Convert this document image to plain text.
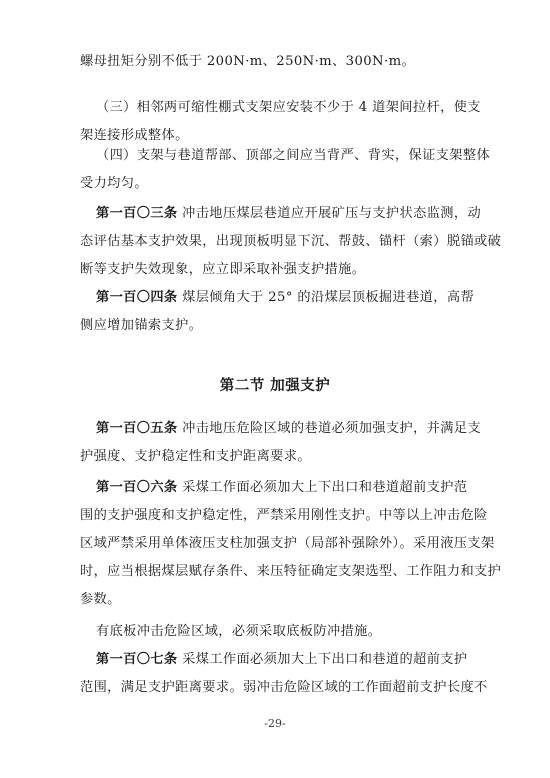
螺母扭矩分别不低于 200N·m、250N·m、300N·m。

（三）相邻两可缩性棚式支架应安装不少于 4 道架间拉杆，使支
架连接形成整体。

（四）支架与巷道帮部、顶部之间应当背严、背实，保证支架整体
受力均匀。

第一百〇三条 冲击地压煤层巷道应开展矿压与支护状态监测，动
态评估基本支护效果，出现顶板明显下沉、帮鼓、锚杆（索）脱锚或破
断等支护失效现象，应立即采取补强支护措施。

第一百〇四条 煤层倾角大于 25° 的沿煤层顶板掘进巷道，高帮
侧应增加锚索支护。

第二节 加强支护

第一百〇五条 冲击地压危险区域的巷道必须加强支护，并满足支
护强度、支护稳定性和支护距离要求。

第一百〇六条 采煤工作面必须加大上下出口和巷道超前支护范
围的支护强度和支护稳定性，严禁采用刚性支护。中等以上冲击危险
区域严禁采用单体液压支柱加强支护（局部补强除外）。采用液压支架
时，应当根据煤层赋存条件、来压特征确定支架选型、工作阻力和支护
参数。

有底板冲击危险区域，必须采取底板防冲措施。

第一百〇七条 采煤工作面必须加大上下出口和巷道的超前支护
范围，满足支护距离要求。弱冲击危险区域的工作面超前支护长度不

-29-
